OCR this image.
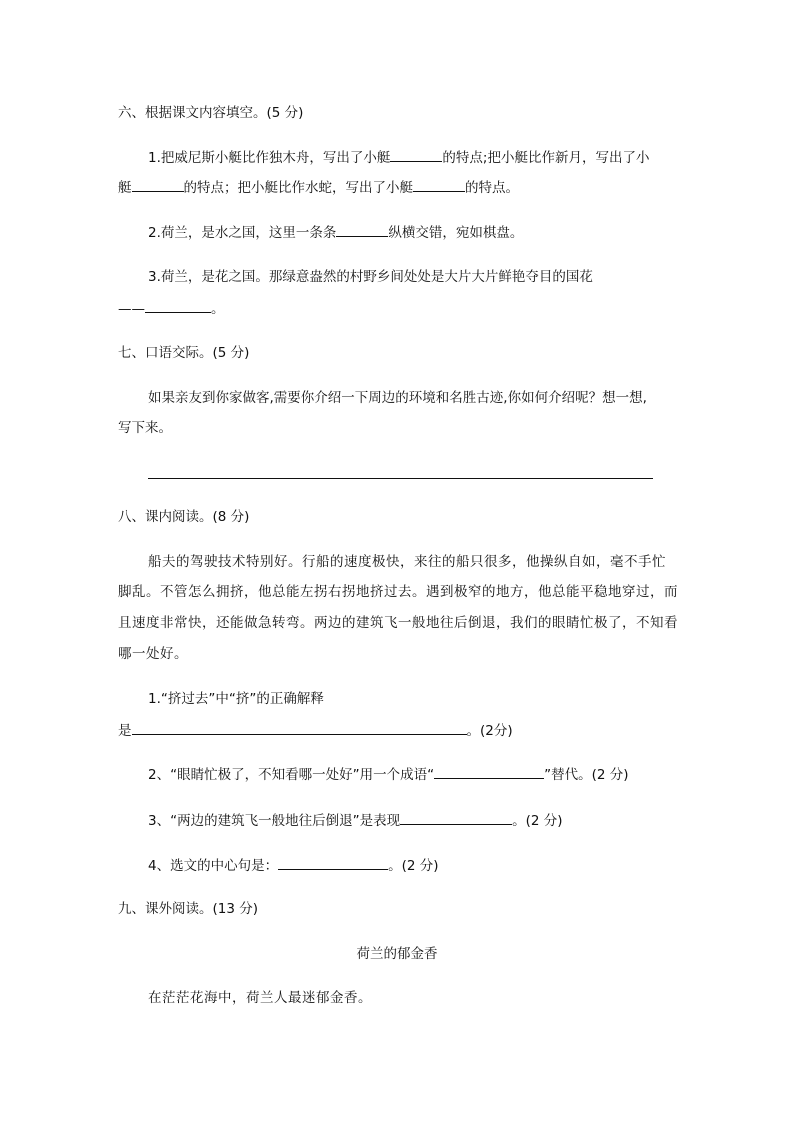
六、根据课文内容填空。(5 分)
1.把威尼斯小艇比作独木舟，写出了小艇	的特点;把小艇比作新月，写出了小
艇	的特点；把小艇比作水蛇，写出了小艇	的特点。
2.荷兰，是水之国，这里一条条	纵横交错，宛如棋盘。
3.荷兰，是花之国。那绿意盎然的村野乡间处处是大片大片鲜艳夺目的国花
——	。
七、口语交际。(5 分)
如果亲友到你家做客,需要你介绍一下周边的环境和名胜古迹,你如何介绍呢？想一想,
写下来。
八、课内阅读。(8 分)
船夫的驾驶技术特别好。行船的速度极快，来往的船只很多，他操纵自如，毫不手忙
脚乱。不管怎么拥挤，他总能左拐右拐地挤过去。遇到极窄的地方，他总能平稳地穿过，而
且速度非常快，还能做急转弯。两边的建筑飞一般地往后倒退，我们的眼睛忙极了，不知看
哪一处好。
1.“挤过去”中“挤”的正确解释
是	。(2分)
2、“眼睛忙极了，不知看哪一处好”用一个成语“	”替代。(2 分)
3、“两边的建筑飞一般地往后倒退”是表现	。(2 分)
4、选文的中心句是：	。(2 分)
九、课外阅读。(13 分)
荷兰的郁金香
在茫茫花海中，荷兰人最迷郁金香。
